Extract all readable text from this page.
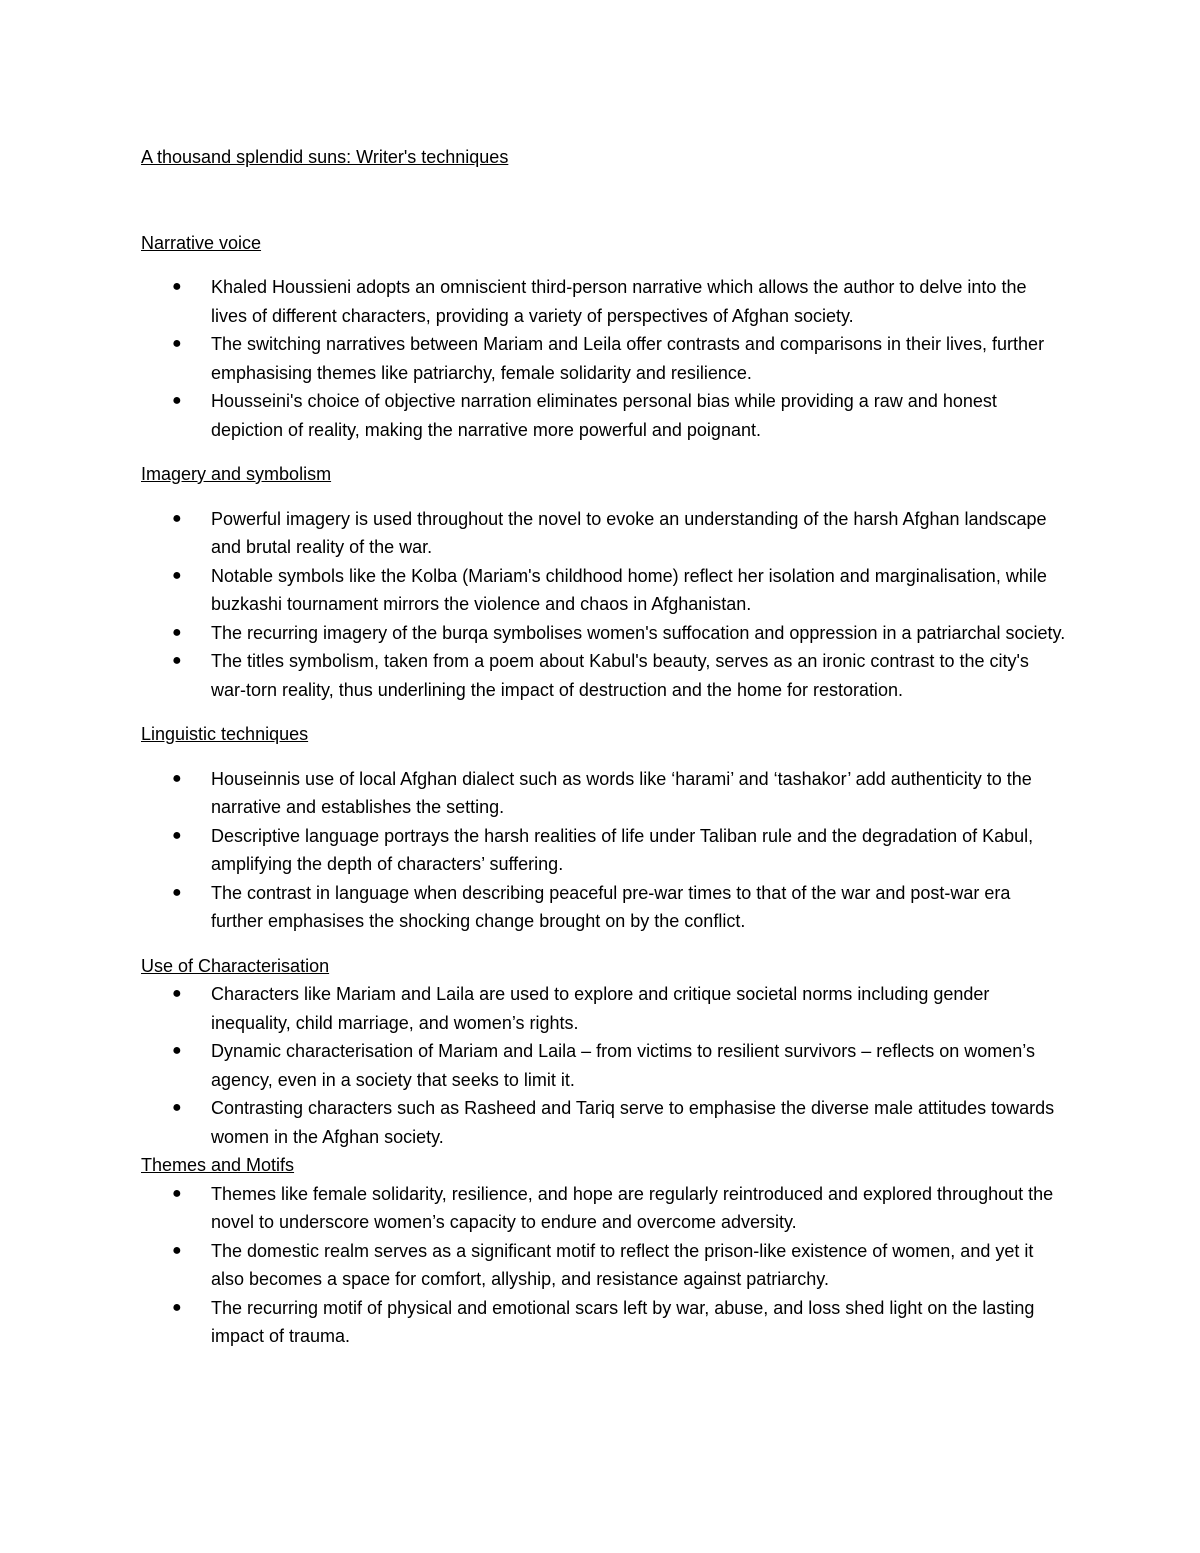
A thousand splendid suns: Writer's techniques
Narrative voice
● Khaled Houssieni adopts an omniscient third-person narrative which allows the author to delve into the lives of different characters, providing a variety of perspectives of Afghan society.
● The switching narratives between Mariam and Leila offer contrasts and comparisons in their lives, further emphasising themes like patriarchy, female solidarity and resilience.
● Housseini's choice of objective narration eliminates personal bias while providing a raw and honest depiction of reality, making the narrative more powerful and poignant.
Imagery and symbolism
● Powerful imagery is used throughout the novel to evoke an understanding of the harsh Afghan landscape and brutal reality of the war.
● Notable symbols like the Kolba (Mariam's childhood home) reflect her isolation and marginalisation, while buzkashi tournament mirrors the violence and chaos in Afghanistan.
● The recurring imagery of the burqa symbolises women's suffocation and oppression in a patriarchal society.
● The titles symbolism, taken from a poem about Kabul's beauty, serves as an ironic contrast to the city's war-torn reality, thus underlining the impact of destruction and the home for restoration.
Linguistic techniques
● Houseinnis use of local Afghan dialect such as words like ‘harami’ and ‘tashakor’ add authenticity to the narrative and establishes the setting.
● Descriptive language portrays the harsh realities of life under Taliban rule and the degradation of Kabul, amplifying the depth of characters’ suffering.
● The contrast in language when describing peaceful pre-war times to that of the war and post-war era further emphasises the shocking change brought on by the conflict.
Use of Characterisation
● Characters like Mariam and Laila are used to explore and critique societal norms including gender inequality, child marriage, and women’s rights.
● Dynamic characterisation of Mariam and Laila – from victims to resilient survivors – reflects on women’s agency, even in a society that seeks to limit it.
● Contrasting characters such as Rasheed and Tariq serve to emphasise the diverse male attitudes towards women in the Afghan society.
Themes and Motifs
● Themes like female solidarity, resilience, and hope are regularly reintroduced and explored throughout the novel to underscore women’s capacity to endure and overcome adversity.
● The domestic realm serves as a significant motif to reflect the prison-like existence of women, and yet it also becomes a space for comfort, allyship, and resistance against patriarchy.
● The recurring motif of physical and emotional scars left by war, abuse, and loss shed light on the lasting impact of trauma.
